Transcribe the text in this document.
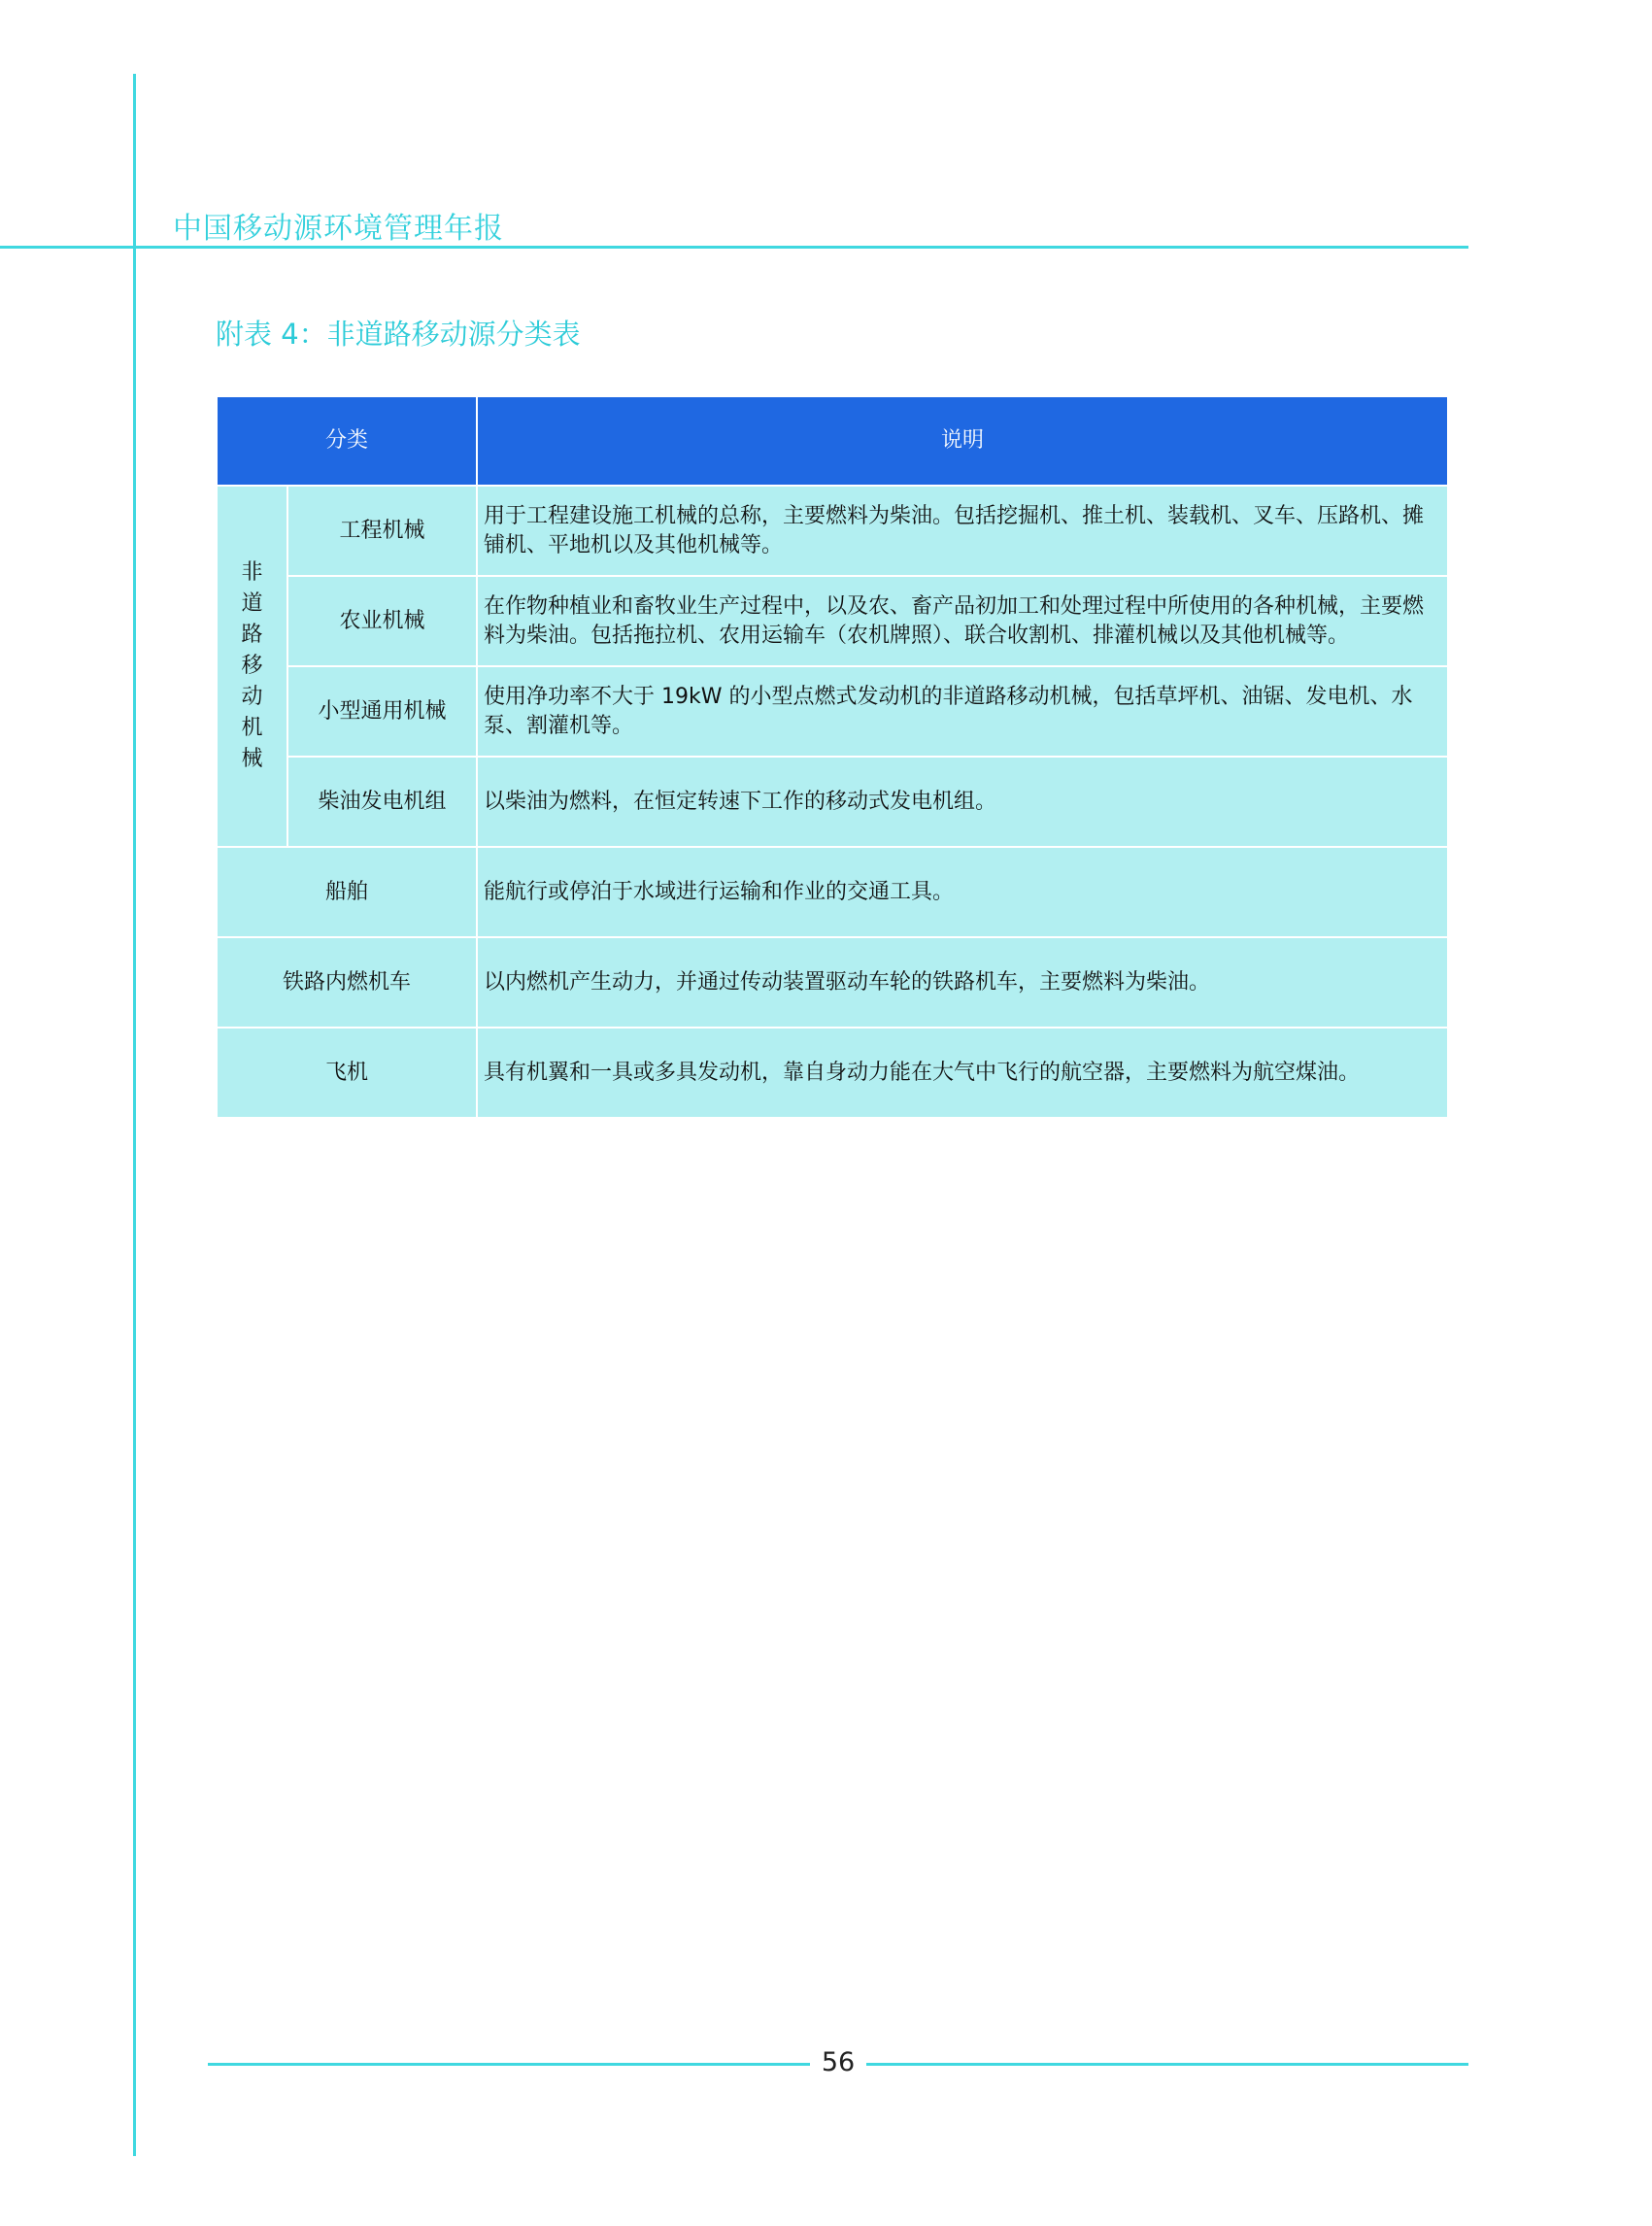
中国移动源环境管理年报
附表 4：非道路移动源分类表
分类		说明

非道路移动机械	工程机械	用于工程建设施工机械的总称，主要燃料为柴油。包括挖掘机、推土机、装载机、叉车、压路机、摊铺机、平地机以及其他机械等。
	农业机械	在作物种植业和畜牧业生产过程中，以及农、畜产品初加工和处理过程中所使用的各种机械，主要燃料为柴油。包括拖拉机、农用运输车（农机牌照）、联合收割机、排灌机械以及其他机械等。
	小型通用机械	使用净功率不大于 19kW 的小型点燃式发动机的非道路移动机械，包括草坪机、油锯、发电机、水泵、割灌机等。
	柴油发电机组	以柴油为燃料，在恒定转速下工作的移动式发电机组。
船舶		能航行或停泊于水域进行运输和作业的交通工具。
铁路内燃机车		以内燃机产生动力，并通过传动装置驱动车轮的铁路机车，主要燃料为柴油。
飞机		具有机翼和一具或多具发动机，靠自身动力能在大气中飞行的航空器，主要燃料为航空煤油。
56
